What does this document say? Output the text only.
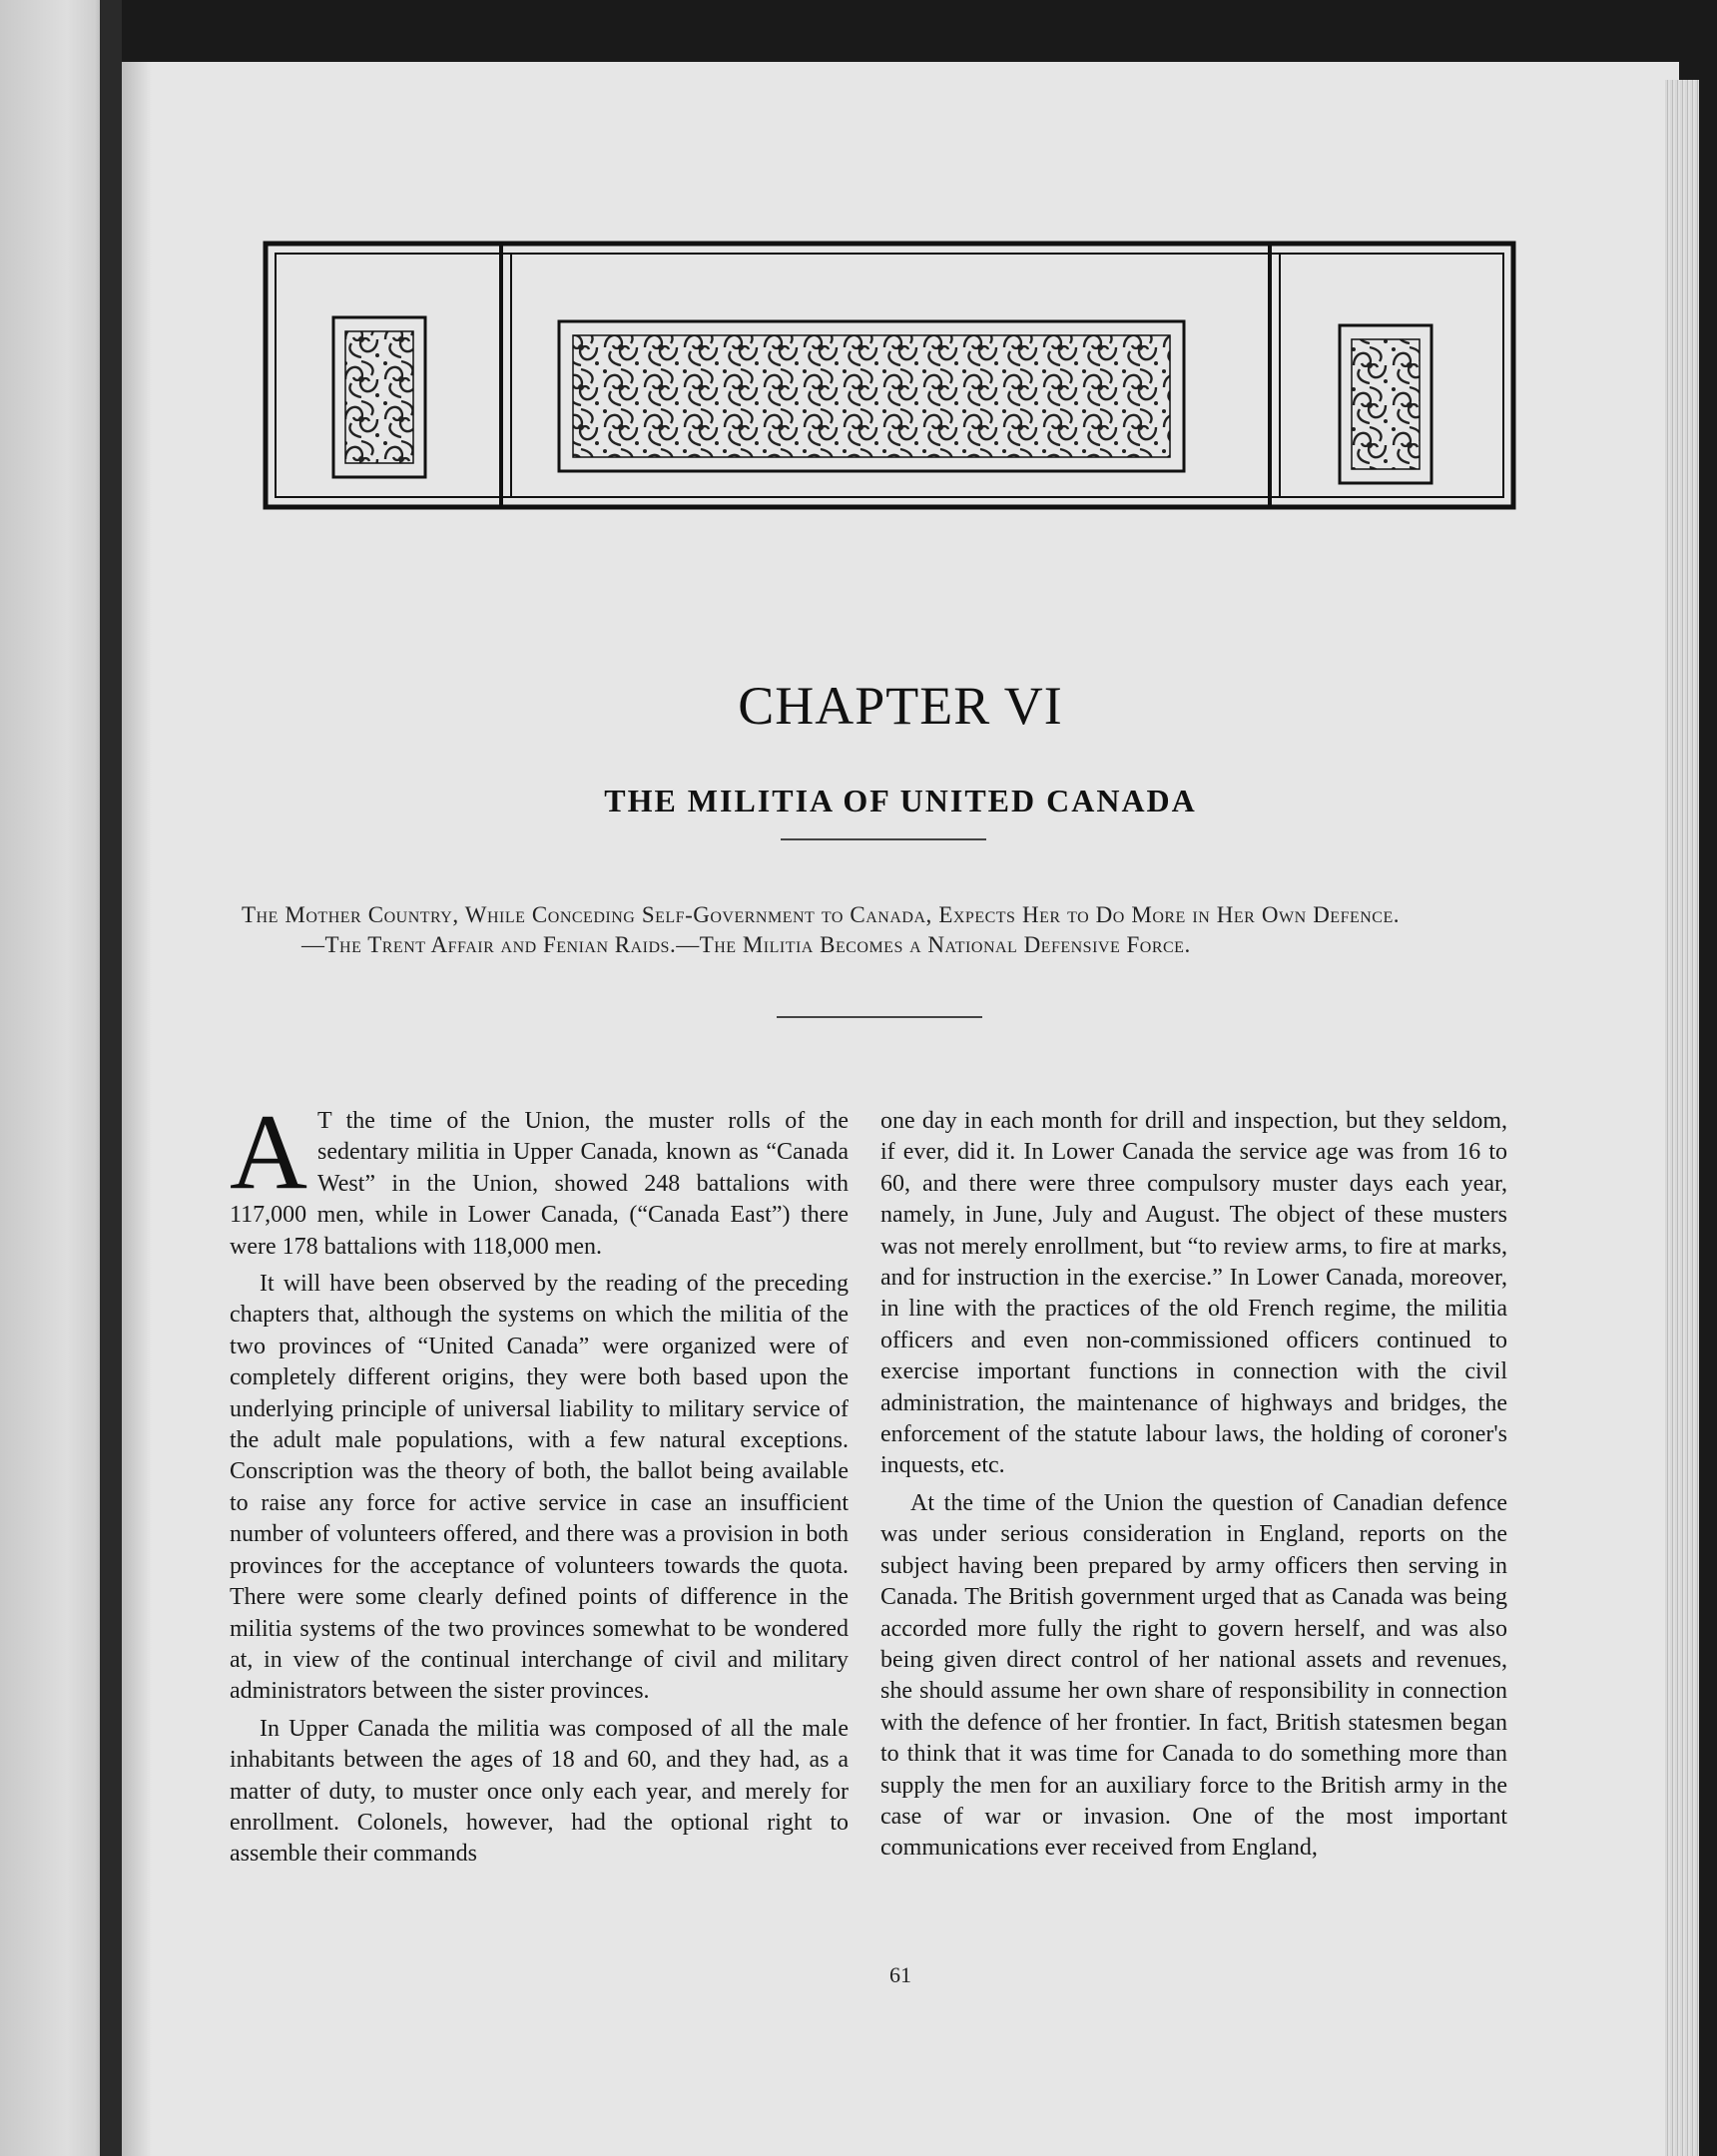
CHAPTER VI
THE MILITIA OF UNITED CANADA
The Mother Country, While Conceding Self-Government to Canada, Expects Her to Do More in Her Own Defence.—The Trent Affair and Fenian Raids.—The Militia Becomes a National Defensive Force.

A T the time of the Union, the muster rolls of the sedentary militia in Upper Canada, known as “Canada West” in the Union, showed 248 battalions with 117,000 men, while in Lower Canada, (“Canada East”) there were 178 battalions with 118,000 men.

It will have been observed by the reading of the preceding chapters that, although the systems on which the militia of the two provinces of “United Canada” were organized were of completely different origins, they were both based upon the underlying principle of universal liability to military service of the adult male populations, with a few natural exceptions. Conscription was the theory of both, the ballot being available to raise any force for active service in case an insufficient number of volunteers offered, and there was a provision in both provinces for the acceptance of volunteers towards the quota. There were some clearly defined points of difference in the militia systems of the two provinces somewhat to be wondered at, in view of the continual interchange of civil and military administrators between the sister provinces.

In Upper Canada the militia was composed of all the male inhabitants between the ages of 18 and 60, and they had, as a matter of duty, to muster once only each year, and merely for enrollment. Colonels, however, had the optional right to assemble their commands

one day in each month for drill and inspection, but they seldom, if ever, did it. In Lower Canada the service age was from 16 to 60, and there were three compulsory muster days each year, namely, in June, July and August. The object of these musters was not merely enrollment, but “to review arms, to fire at marks, and for instruction in the exercise.” In Lower Canada, moreover, in line with the practices of the old French regime, the militia officers and even non-commissioned officers continued to exercise important functions in connection with the civil administration, the maintenance of highways and bridges, the enforcement of the statute labour laws, the holding of coroner's inquests, etc.

At the time of the Union the question of Canadian defence was under serious consideration in England, reports on the subject having been prepared by army officers then serving in Canada. The British government urged that as Canada was being accorded more fully the right to govern herself, and was also being given direct control of her national assets and revenues, she should assume her own share of responsibility in connection with the defence of her frontier. In fact, British statesmen began to think that it was time for Canada to do something more than supply the men for an auxiliary force to the British army in the case of war or invasion. One of the most important communications ever received from England,

61
